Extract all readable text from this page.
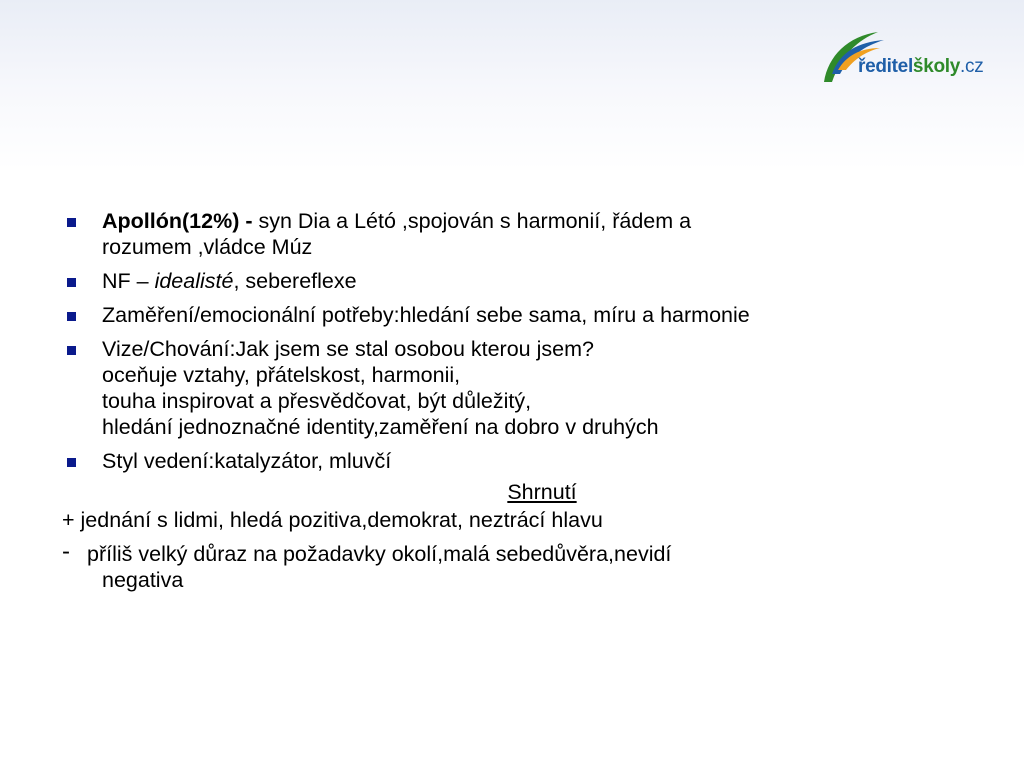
ředitelškoly.cz
Apollón(12%) - syn Dia a Létó ,spojován s harmonií, řádem a
rozumem ,vládce Múz
NF – idealisté, sebereflexe
Zaměření/emocionální potřeby:hledání sebe sama, míru a harmonie
Vize/Chování:Jak jsem se stal osobou kterou jsem?
oceňuje vztahy, přátelskost, harmonii,
touha inspirovat a přesvědčovat, být důležitý,
hledání jednoznačné identity,zaměření na dobro v druhých
Styl vedení:katalyzátor, mluvčí
Shrnutí
+ jednání s lidmi, hledá pozitiva,demokrat, neztrácí hlavu
- příliš velký důraz na požadavky okolí,malá sebedůvěra,nevidí
negativa
